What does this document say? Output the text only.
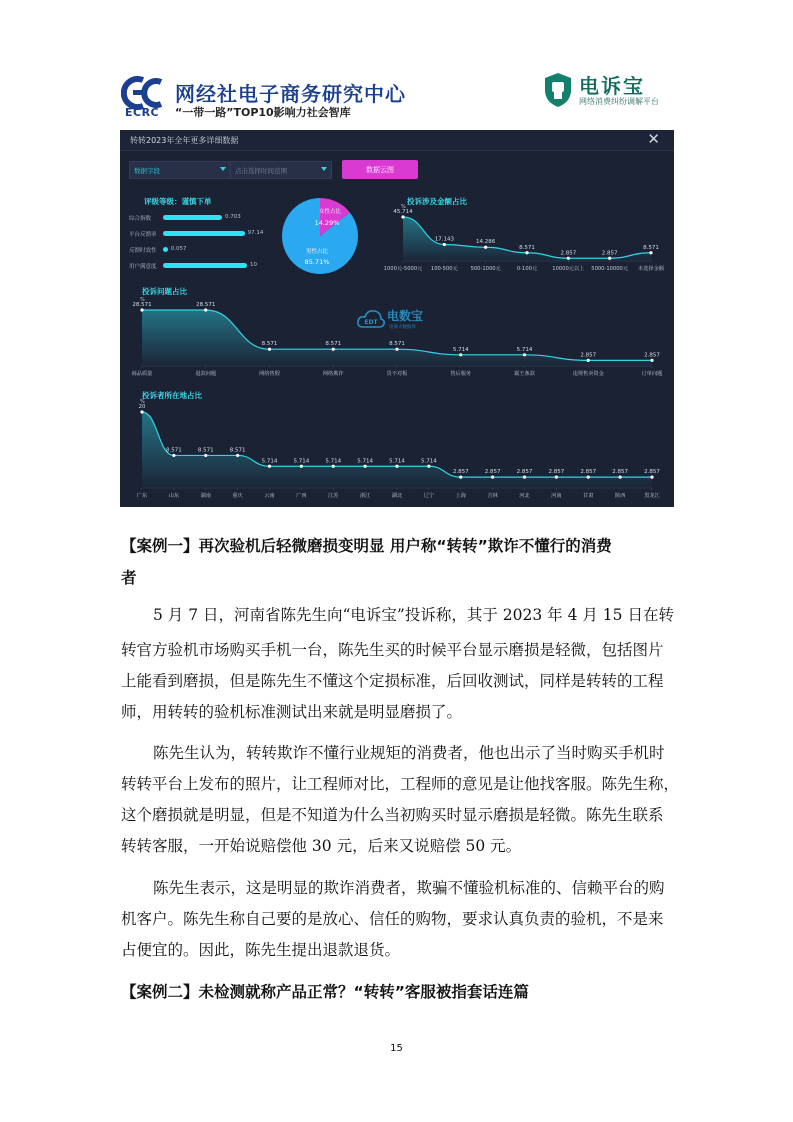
ECRC
网经社电子商务研究中心
“一带一路”TOP10影响力社会智库
电诉宝
网络消费纠纷调解平台
转转2023年全年更多详细数据	✕
数据字段	点击选择时间范围	数据云图
评级等级：谨慎下单
综合指数	0.703
平台反馈率	97.14
反馈时效性	0.057
用户满意度	10
女性占比
14.29%
男性占比
85.71%
投诉涉及金额占比
%
45.714
1000元-5000元
17.143
100-500元
14.286
500-1000元
8.571
0-100元
2.857
10000元以上
2.857
5000-10000元
8.571
未选择金额
EDT 电数宝
电商大数据库
投诉问题占比
%
28.571
商品质量
28.571
退款问题
8.571
网络售假
8.571
网络欺诈
8.571
货不对板
5.714
售后服务
5.714
霸王条款
2.857
违规售卖资金
2.857
订单问题
投诉者所在地占比
%
20
广东
8.571
山东
8.571
湖南
8.571
重庆
5.714
云南
5.714
广西
5.714
江苏
5.714
浙江
5.714
湖北
5.714
辽宁
2.857
上海
2.857
吉林
2.857
河北
2.857
河南
2.857
甘肃
2.857
陕西
2.857
黑龙江
【案例一】再次验机后轻微磨损变明显 用户称“转转”欺诈不懂行的消费
者
5 月 7 日，河南省陈先生向“电诉宝”投诉称，其于 2023 年 4 月 15 日在转
转官方验机市场购买手机一台，陈先生买的时候平台显示磨损是轻微，包括图片
上能看到磨损，但是陈先生不懂这个定损标准，后回收测试，同样是转转的工程
师，用转转的验机标准测试出来就是明显磨损了。
陈先生认为，转转欺诈不懂行业规矩的消费者，他也出示了当时购买手机时
转转平台上发布的照片，让工程师对比，工程师的意见是让他找客服。陈先生称，
这个磨损就是明显，但是不知道为什么当初购买时显示磨损是轻微。陈先生联系
转转客服，一开始说赔偿他 30 元，后来又说赔偿 50 元。
陈先生表示，这是明显的欺诈消费者，欺骗不懂验机标准的、信赖平台的购
机客户。陈先生称自己要的是放心、信任的购物，要求认真负责的验机，不是来
占便宜的。因此，陈先生提出退款退货。
【案例二】未检测就称产品正常？“转转”客服被指套话连篇
15
